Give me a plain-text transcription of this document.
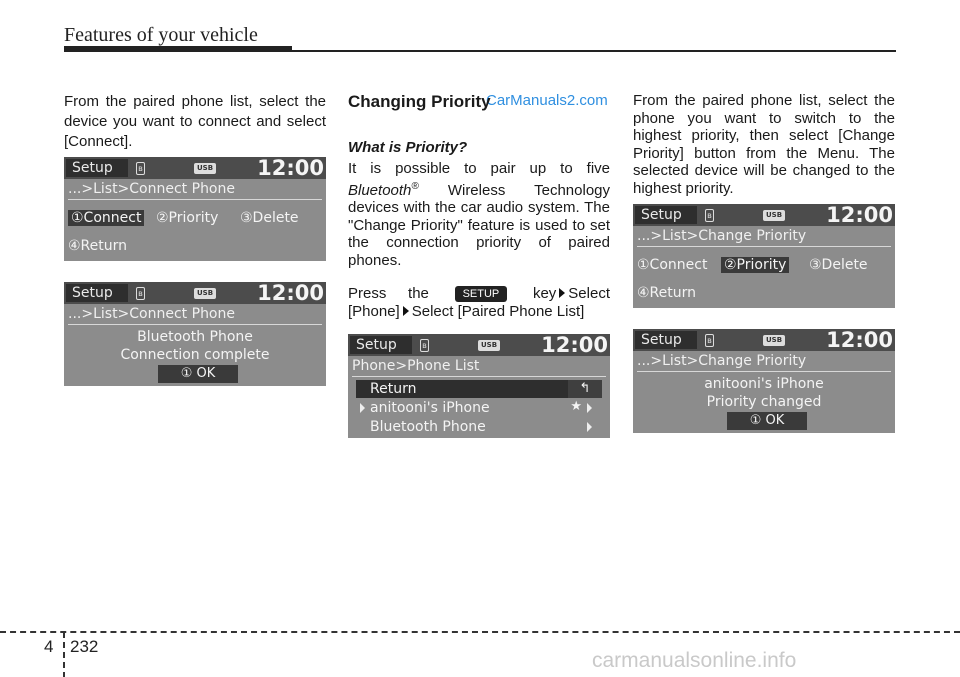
Features of your vehicle
CarManuals2.com

From the paired phone list, select the device you want to connect and select [Connect].

Setup	ʙ	USB 12:00
...>List>Connect Phone
①Connect ②Priority ③Delete
④Return
Setup	ʙ	USB 12:00
...>List>Connect Phone
Bluetooth Phone
Connection complete
① OK
Changing Priority
What is Priority?

It is possible to pair up to five Bluetooth® Wireless Technology devices with the car audio system. The "Change Priority" feature is used to set the connection priority of paired phones.

Press the	SETUP key Select [Phone] Select [Paired Phone List]

Setup	ʙ	USB 12:00
Phone>Phone List
Return	↰
anitooni's iPhone	★
Bluetooth Phone

From the paired phone list, select the phone you want to switch to the highest priority, then select [Change Priority] button from the Menu. The selected device will be changed to the highest priority.

Setup	ʙ	USB 12:00
...>List>Change Priority
①Connect ②Priority ③Delete
④Return
Setup	ʙ	USB 12:00
...>List>Change Priority
anitooni's iPhone
Priority changed
① OK
4 232
carmanualsonline.info
